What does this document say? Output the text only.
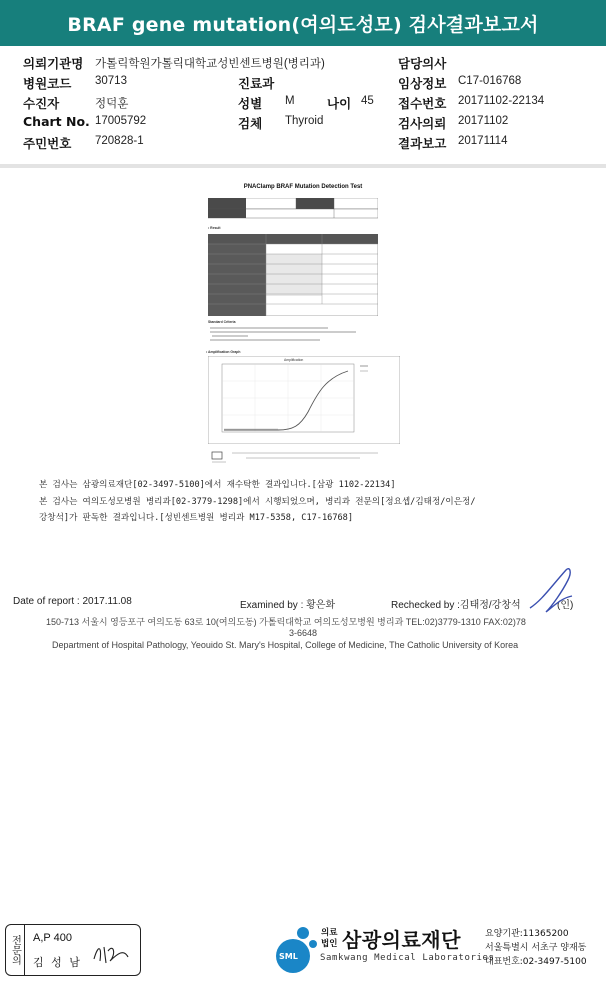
BRAF gene mutation(여의도성모) 검사결과보고서
의뢰기관명 가톨릭학원가톨릭대학교성빈센트병원(병리과)	담당의사
병원코드 30713	진료과	임상정보 C17-016768
수진자	정덕훈	성별 M	나이 45 접수번호 20171102-22134
Chart No. 17005792	검체 Thyroid	검사의뢰 20171102
주민번호 720828-1	결과보고 20171114
PNAClamp BRAF Mutation Detection Test
• Result
Standard Criteria
• Amplification Graph
Amplification
본 검사는 삼광의료재단[02-3497-5100]에서 재수탁한 결과입니다.[삼광 1102-22134]
본 검사는 여의도성모병원 병리과[02-3779-1298]에서 시행되었으며, 병리과 전문의[정요셉/김태정/이은정/
강창석]가 판독한 결과입니다.[성빈센트병원 병리과 M17-5358, C17-16768]
Date of report : 2017.11.08	Examined by : 황은화	Rechecked by :김태정/강창석	(인)
150-713 서울시 영등포구 여의도동 63로 10(여의도동) 가톨릭대학교 여의도성모병원 병리과 TEL:02)3779-1310 FAX:02)78
3-6648
Department of Hospital Pathology, Yeouido St. Mary's Hospital, College of Medicine, The Catholic University of Korea
전문의	A,P 400
김 성 남	SML
의료
법인 삼광의료재단
Samkwang Medical Laboratories
요양기관:11365200
서울특별시 서초구 양재동
대표번호:02-3497-5100
